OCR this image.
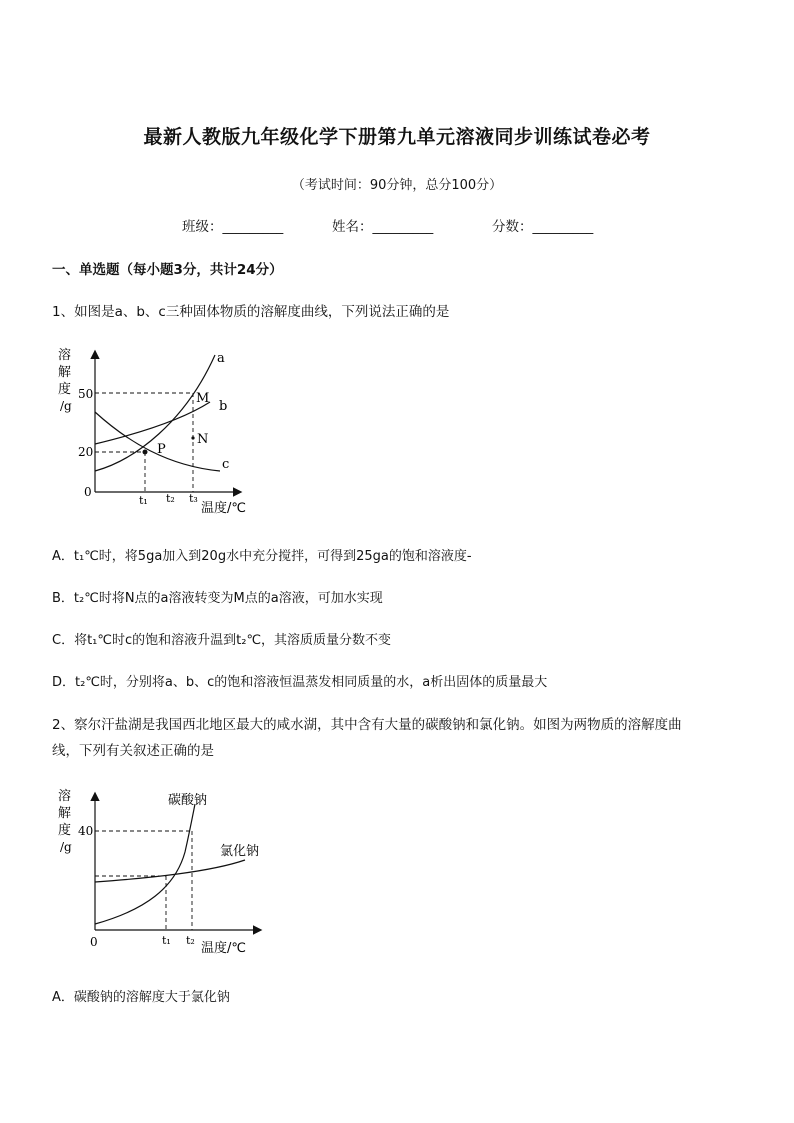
最新人教版九年级化学下册第九单元溶液同步训练试卷必考
（考试时间：90分钟，总分100分）
班级：_________	姓名：_________	分数：_________
一、单选题（每小题3分，共计24分）
1、如图是a、b、c三种固体物质的溶解度曲线，下列说法正确的是
溶
解
度
/g
50
20
0
t₁ t₂ t₃
温度/℃
a
b
c
M
N
P
A．t₁℃时，将5ga加入到20g水中充分搅拌，可得到25ga的饱和溶液度-
B．t₂℃时将N点的a溶液转变为M点的a溶液，可加水实现
C．将t₁℃时c的饱和溶液升温到t₂℃，其溶质质量分数不变
D．t₂℃时，分别将a、b、c的饱和溶液恒温蒸发相同质量的水，a析出固体的质量最大
2、察尔汗盐湖是我国西北地区最大的咸水湖，其中含有大量的碳酸钠和氯化钠。如图为两物质的溶解度曲
线，下列有关叙述正确的是
溶
解
度
/g
40
0	t₁ t₂
温度/℃
碳酸钠
氯化钠
A．碳酸钠的溶解度大于氯化钠
